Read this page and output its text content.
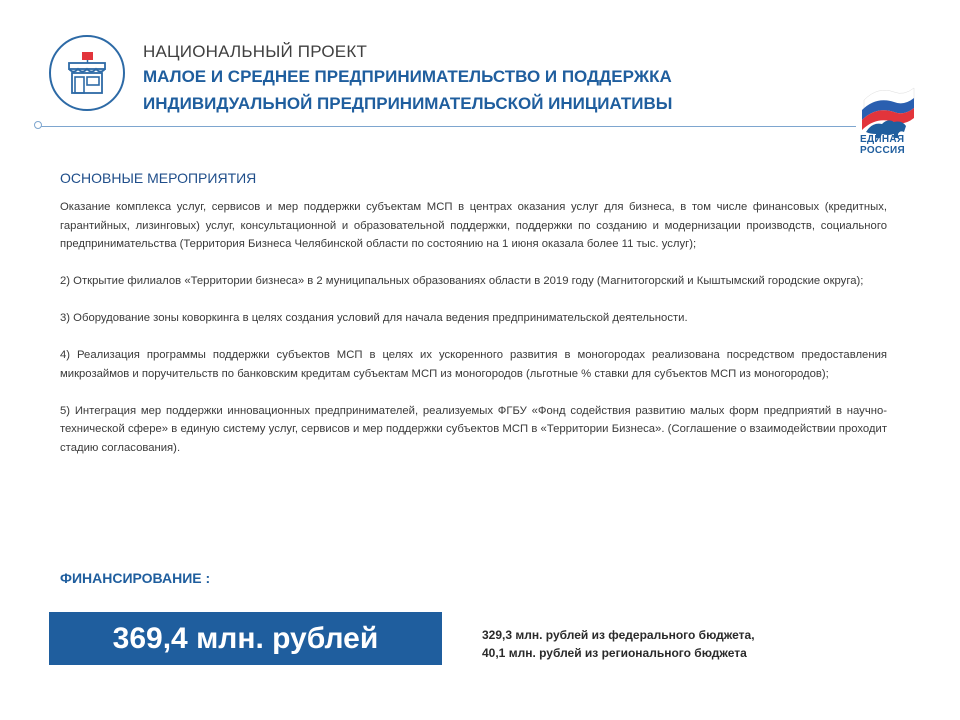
НАЦИОНАЛЬНЫЙ ПРОЕКТ
МАЛОЕ И СРЕДНЕЕ ПРЕДПРИНИМАТЕЛЬСТВО И ПОДДЕРЖКА
ИНДИВИДУАЛЬНОЙ ПРЕДПРИНИМАТЕЛЬСКОЙ ИНИЦИАТИВЫ
ЕДИНАЯ
РОССИЯ
ОСНОВНЫЕ МЕРОПРИЯТИЯ

Оказание комплекса услуг, сервисов и мер поддержки субъектам МСП в центрах оказания услуг для бизнеса, в том числе финансовых (кредитных, гарантийных, лизинговых) услуг, консультационной и образовательной поддержки, поддержки по созданию и модернизации производств, социального предпринимательства (Территория Бизнеса Челябинской области по состоянию на 1 июня оказала более 11 тыс. услуг);

2) Открытие филиалов «Территории бизнеса» в 2 муниципальных образованиях области в 2019 году (Магнитогорский и Кыштымский городские округа);

3) Оборудование зоны коворкинга в целях создания условий для начала ведения предпринимательской деятельности.

4) Реализация программы поддержки субъектов МСП в целях их ускоренного развития в моногородах реализована посредством предоставления микрозаймов и поручительств по банковским кредитам субъектам МСП из моногородов (льготные % ставки для субъектов МСП из моногородов);

5) Интеграция мер поддержки инновационных предпринимателей, реализуемых ФГБУ «Фонд содействия развитию малых форм предприятий в научно-технической сфере» в единую систему услуг, сервисов и мер поддержки субъектов МСП в «Территории Бизнеса». (Соглашение о взаимодействии проходит стадию согласования).

ФИНАНСИРОВАНИЕ :
369,4 млн. рублей	329,3 млн. рублей из федерального бюджета,
40,1 млн. рублей из регионального бюджета
